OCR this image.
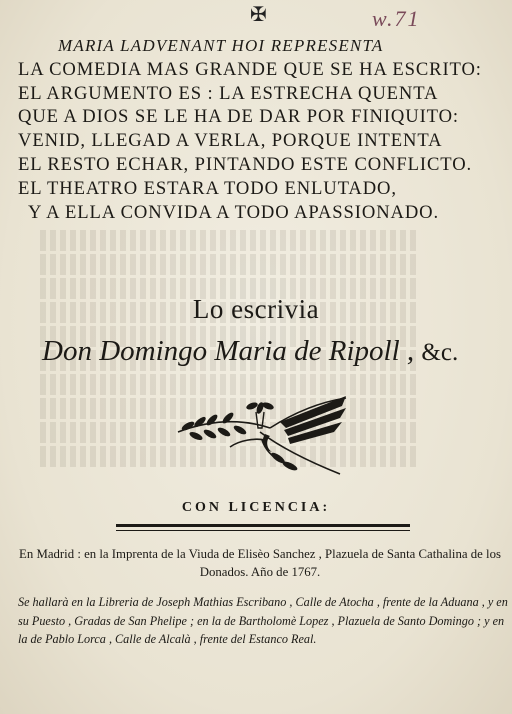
✠	w.71
MARIA LADVENANT HOI REPRESENTA
LA COMEDIA MAS GRANDE QUE SE HA ESCRITO:
EL ARGUMENTO ES : LA ESTRECHA QUENTA
QUE A DIOS SE LE HA DE DAR POR FINIQUITO:
VENID, LLEGAD A VERLA, PORQUE INTENTA
EL RESTO ECHAR, PINTANDO ESTE CONFLICTO.
EL THEATRO ESTARA TODO ENLUTADO,
Y A ELLA CONVIDA A TODO APASSIONADO.
Lo escrivia
Don Domingo Maria de Ripoll , &c.
CON LICENCIA:
En Madrid : en la Imprenta de la Viuda de Elisèo Sanchez , Plazuela de Santa Cathalina de los Donados. Año de 1767.
Se hallarà en la Libreria de Joseph Mathias Escribano , Calle de Atocha , frente de la Aduana , y en su Puesto , Gradas de San Phelipe ; en la de Bartholomè Lopez , Plazuela de Santo Domingo ; y en la de Pablo Lorca , Calle de Alcalà , frente del Estanco Real.
